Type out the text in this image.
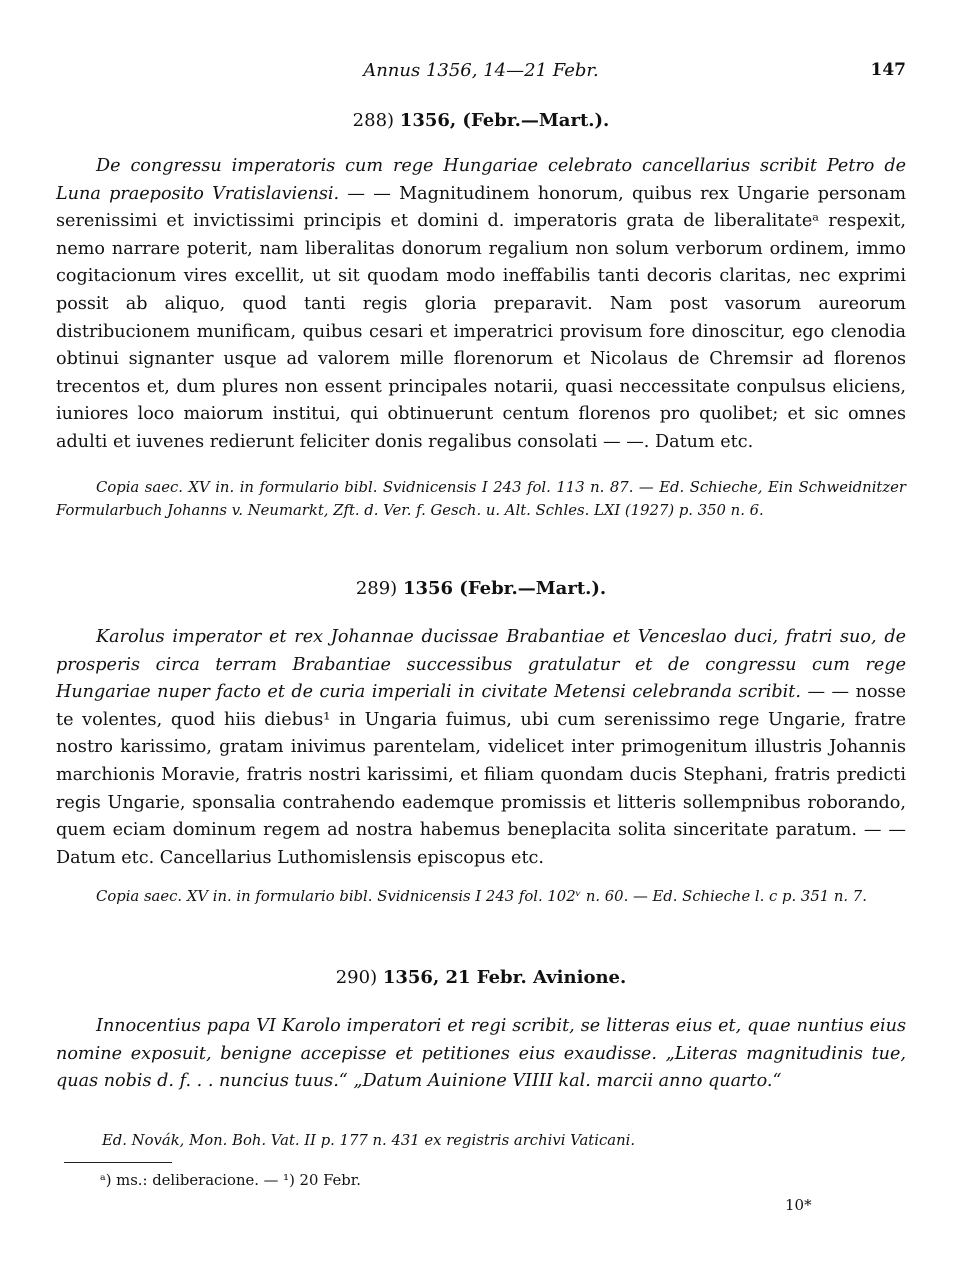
Annus 1356, 14—21 Febr.	147
288) 1356, (Febr.—Mart.).
De congressu imperatoris cum rege Hungariae celebrato cancellarius scribit Petro de Luna praeposito Vratislaviensi. — — Magnitudinem honorum, quibus rex Ungarie personam serenissimi et invictissimi principis et domini d. imperatoris grata de liberalitateᵃ respexit, nemo narrare poterit, nam liberalitas donorum regalium non solum verborum ordinem, immo cogitacionum vires excellit, ut sit quodam modo ineffabilis tanti decoris claritas, nec exprimi possit ab aliquo, quod tanti regis gloria preparavit. Nam post vasorum aureorum distribucionem munificam, quibus cesari et imperatrici provisum fore dinoscitur, ego clenodia obtinui signanter usque ad valorem mille florenorum et Nicolaus de Chremsir ad florenos trecentos et, dum plures non essent principales notarii, quasi neccessitate conpulsus eliciens, iuniores loco maiorum institui, qui obtinuerunt centum florenos pro quolibet; et sic omnes adulti et iuvenes redierunt feliciter donis regalibus consolati — —. Datum etc.
Copia saec. XV in. in formulario bibl. Svidnicensis I 243 fol. 113 n. 87. — Ed. Schieche, Ein Schweidnitzer Formularbuch Johanns v. Neumarkt, Zft. d. Ver. f. Gesch. u. Alt. Schles. LXI (1927) p. 350 n. 6.
289) 1356 (Febr.—Mart.).
Karolus imperator et rex Johannae ducissae Brabantiae et Venceslao duci, fratri suo, de prosperis circa terram Brabantiae successibus gratulatur et de congressu cum rege Hungariae nuper facto et de curia imperiali in civitate Metensi celebranda scribit. — — nosse te volentes, quod hiis diebus¹ in Ungaria fuimus, ubi cum serenissimo rege Ungarie, fratre nostro karissimo, gratam inivimus parentelam, videlicet inter primogenitum illustris Johannis marchionis Moravie, fratris nostri karissimi, et filiam quondam ducis Stephani, fratris predicti regis Ungarie, sponsalia contrahendo eademque promissis et litteris sollempnibus roborando, quem eciam dominum regem ad nostra habemus beneplacita solita sinceritate paratum. — — Datum etc. Cancellarius Luthomislensis episcopus etc.
Copia saec. XV in. in formulario bibl. Svidnicensis I 243 fol. 102ᵛ n. 60. — Ed. Schieche l. c p. 351 n. 7.
290) 1356, 21 Febr. Avinione.
Innocentius papa VI Karolo imperatori et regi scribit, se litteras eius et, quae nuntius eius nomine exposuit, benigne accepisse et petitiones eius exaudisse. „Literas magnitudinis tue, quas nobis d. f. . . nuncius tuus.“ „Datum Auinione VIIII kal. marcii anno quarto.“
Ed. Novák, Mon. Boh. Vat. II p. 177 n. 431 ex registris archivi Vaticani.
ᵃ) ms.: deliberacione. — ¹) 20 Febr.
10*
